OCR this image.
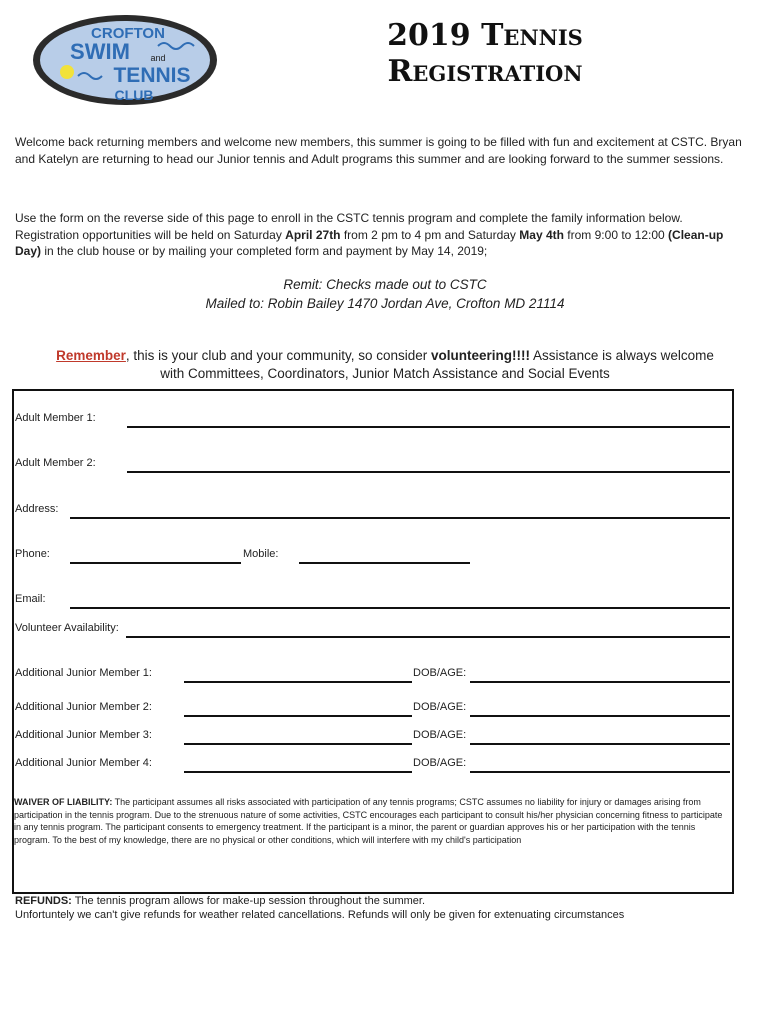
CROFTON
SWIM and
TENNIS
CLUB
2019 Tennis
Registration
Welcome back returning members and welcome new members, this summer is going to be filled with fun and excitement at CSTC. Bryan and Katelyn are returning to head our Junior tennis and Adult programs this summer and are looking forward to the summer sessions.
Use the form on the reverse side of this page to enroll in the CSTC tennis program and complete the family information below. Registration opportunities will be held on Saturday April 27th from 2 pm to 4 pm and Saturday May 4th from 9:00 to 12:00 (Clean-up Day) in the club house or by mailing your completed form and payment by May 14, 2019;
Remit: Checks made out to CSTC
Mailed to: Robin Bailey 1470 Jordan Ave, Crofton MD 21114
Remember, this is your club and your community, so consider volunteering!!!! Assistance is always welcome
with Committees, Coordinators, Junior Match Assistance and Social Events
Adult Member 1:
Adult Member 2:
Address:
Phone:	Mobile:
Email:
Volunteer Availability:
Additional Junior Member 1:	DOB/AGE:
Additional Junior Member 2:	DOB/AGE:
Additional Junior Member 3:	DOB/AGE:
Additional Junior Member 4:	DOB/AGE:
WAIVER OF LIABILITY: The participant assumes all risks associated with participation of any tennis programs; CSTC assumes no liability for injury or damages arising from participation in the tennis program. Due to the strenuous nature of some activities, CSTC encourages each participant to consult his/her physician concerning fitness to participate in any tennis program. The participant consents to emergency treatment. If the participant is a minor, the parent or guardian approves his or her participation with the tennis program. To the best of my knowledge, there are no physical or other conditions, which will interfere with my child's participation
REFUNDS: The tennis program allows for make-up session throughout the summer.
Unfortuntely we can't give refunds for weather related cancellations. Refunds will only be given for extenuating circumstances
